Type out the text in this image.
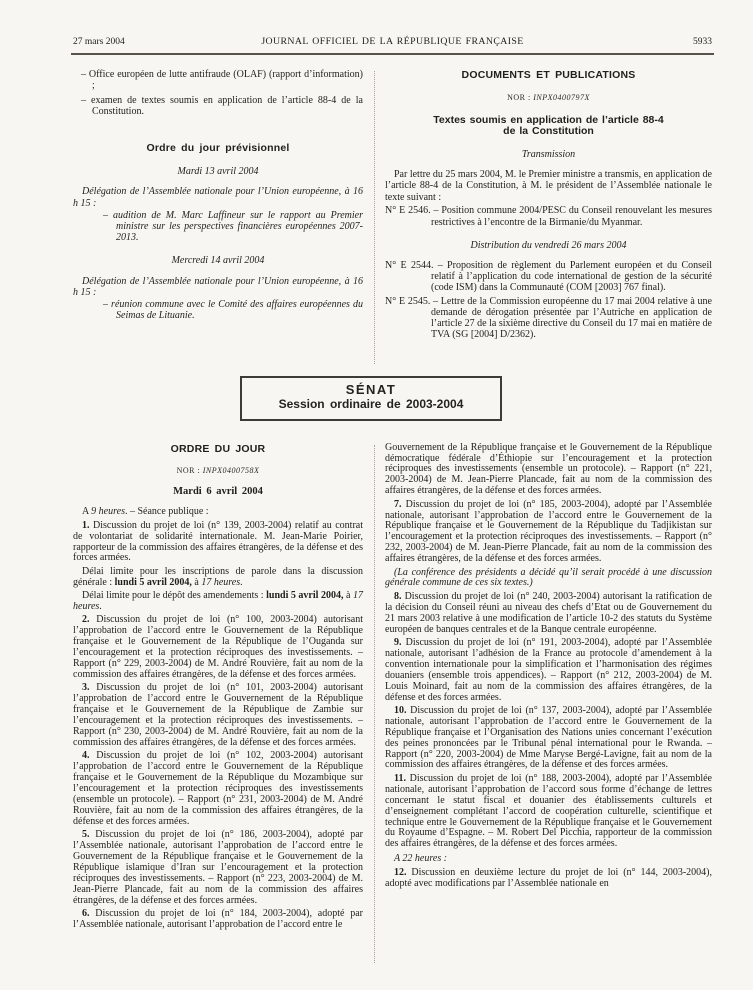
27 mars 2004	JOURNAL OFFICIEL DE LA RÉPUBLIQUE FRANÇAISE	5933

– Office européen de lutte antifraude (OLAF) (rapport d’information) ;

– examen de textes soumis en application de l’article 88-4 de la Constitution.

Ordre du jour prévisionnel

Mardi 13 avril 2004

Délégation de l’Assemblée nationale pour l’Union européenne, à 16 h 15 :

– audition de M. Marc Laffineur sur le rapport au Premier ministre sur les perspectives financières européennes 2007-2013.

Mercredi 14 avril 2004

Délégation de l’Assemblée nationale pour l’Union européenne, à 16 h 15 :

– réunion commune avec le Comité des affaires européennes du Seimas de Lituanie.

DOCUMENTS ET PUBLICATIONS

NOR : INPX0400797X

Textes soumis en application de l’article 88-4

de la Constitution

Transmission

Par lettre du 25 mars 2004, M. le Premier ministre a transmis, en application de l’article 88-4 de la Constitution, à M. le président de l’Assemblée nationale le texte suivant :

N° E 2546. – Position commune 2004/PESC du Conseil renouvelant les mesures restrictives à l’encontre de la Birmanie/du Myanmar.

Distribution du vendredi 26 mars 2004

N° E 2544. – Proposition de règlement du Parlement européen et du Conseil relatif à l’application du code international de gestion de la sécurité (code ISM) dans la Communauté (COM [2003] 767 final).

N° E 2545. – Lettre de la Commission européenne du 17 mai 2004 relative à une demande de dérogation présentée par l’Autriche en application de l’article 27 de la sixième directive du Conseil du 17 mai en matière de TVA (SG [2004] D/2362).

SÉNAT
Session ordinaire de 2003-2004

ORDRE DU JOUR

NOR : INPX0400758X

Mardi 6 avril 2004

A 9 heures. – Séance publique :

1. Discussion du projet de loi (n° 139, 2003-2004) relatif au contrat de volontariat de solidarité internationale. M. Jean-Marie Poirier, rapporteur de la commission des affaires étrangères, de la défense et des forces armées.

Délai limite pour les inscriptions de parole dans la discussion générale : lundi 5 avril 2004, à 17 heures.

Délai limite pour le dépôt des amendements : lundi 5 avril 2004, à 17 heures.

2. Discussion du projet de loi (n° 100, 2003-2004) autorisant l’approbation de l’accord entre le Gouvernement de la République française et le Gouvernement de la République de l’Ouganda sur l’encouragement et la protection réciproques des investissements. – Rapport (n° 229, 2003-2004) de M. André Rouvière, fait au nom de la commission des affaires étrangères, de la défense et des forces armées.

3. Discussion du projet de loi (n° 101, 2003-2004) autorisant l’approbation de l’accord entre le Gouvernement de la République française et le Gouvernement de la République de Zambie sur l’encouragement et la protection réciproques des investissements. – Rapport (n° 230, 2003-2004) de M. André Rouvière, fait au nom de la commission des affaires étrangères, de la défense et des forces armées.

4. Discussion du projet de loi (n° 102, 2003-2004) autorisant l’approbation de l’accord entre le Gouvernement de la République française et le Gouvernement de la République du Mozambique sur l’encouragement et la protection réciproques des investissements (ensemble un protocole). – Rapport (n° 231, 2003-2004) de M. André Rouvière, fait au nom de la commission des affaires étrangères, de la défense et des forces armées.

5. Discussion du projet de loi (n° 186, 2003-2004), adopté par l’Assemblée nationale, autorisant l’approbation de l’accord entre le Gouvernement de la République française et le Gouvernement de la République islamique d’Iran sur l’encouragement et la protection réciproques des investissements. – Rapport (n° 223, 2003-2004) de M. Jean-Pierre Plancade, fait au nom de la commission des affaires étrangères, de la défense et des forces armées.

6. Discussion du projet de loi (n° 184, 2003-2004), adopté par l’Assemblée nationale, autorisant l’approbation de l’accord entre le

Gouvernement de la République française et le Gouvernement de la République démocratique fédérale d’Éthiopie sur l’encouragement et la protection réciproques des investissements (ensemble un protocole). – Rapport (n° 221, 2003-2004) de M. Jean-Pierre Plancade, fait au nom de la commission des affaires étrangères, de la défense et des forces armées.

7. Discussion du projet de loi (n° 185, 2003-2004), adopté par l’Assemblée nationale, autorisant l’approbation de l’accord entre le Gouvernement de la République française et le Gouvernement de la République du Tadjikistan sur l’encouragement et la protection réciproques des investissements. – Rapport (n° 232, 2003-2004) de M. Jean-Pierre Plancade, fait au nom de la commission des affaires étrangères, de la défense et des forces armées.

(La conférence des présidents a décidé qu’il serait procédé à une discussion générale commune de ces six textes.)

8. Discussion du projet de loi (n° 240, 2003-2004) autorisant la ratification de la décision du Conseil réuni au niveau des chefs d’Etat ou de Gouvernement du 21 mars 2003 relative à une modification de l’article 10-2 des statuts du Système européen de banques centrales et de la Banque centrale européenne.

9. Discussion du projet de loi (n° 191, 2003-2004), adopté par l’Assemblée nationale, autorisant l’adhésion de la France au protocole d’amendement à la convention internationale pour la simplification et l’harmonisation des régimes douaniers (ensemble trois appendices). – Rapport (n° 212, 2003-2004) de M. Louis Moinard, fait au nom de la commission des affaires étrangères, de la défense et des forces armées.

10. Discussion du projet de loi (n° 137, 2003-2004), adopté par l’Assemblée nationale, autorisant l’approbation de l’accord entre le Gouvernement de la République française et l’Organisation des Nations unies concernant l’exécution des peines prononcées par le Tribunal pénal international pour le Rwanda. – Rapport (n° 220, 2003-2004) de Mme Maryse Bergé-Lavigne, fait au nom de la commission des affaires étrangères, de la défense et des forces armées.

11. Discussion du projet de loi (n° 188, 2003-2004), adopté par l’Assemblée nationale, autorisant l’approbation de l’accord sous forme d’échange de lettres concernant le statut fiscal et douanier des établissements culturels et d’enseignement complétant l’accord de coopération culturelle, scientifique et technique entre le Gouvernement de la République française et le Gouvernement du Royaume d’Espagne. – M. Robert Del Picchia, rapporteur de la commission des affaires étrangères, de la défense et des forces armées.

A 22 heures :

12. Discussion en deuxième lecture du projet de loi (n° 144, 2003-2004), adopté avec modifications par l’Assemblée nationale en
